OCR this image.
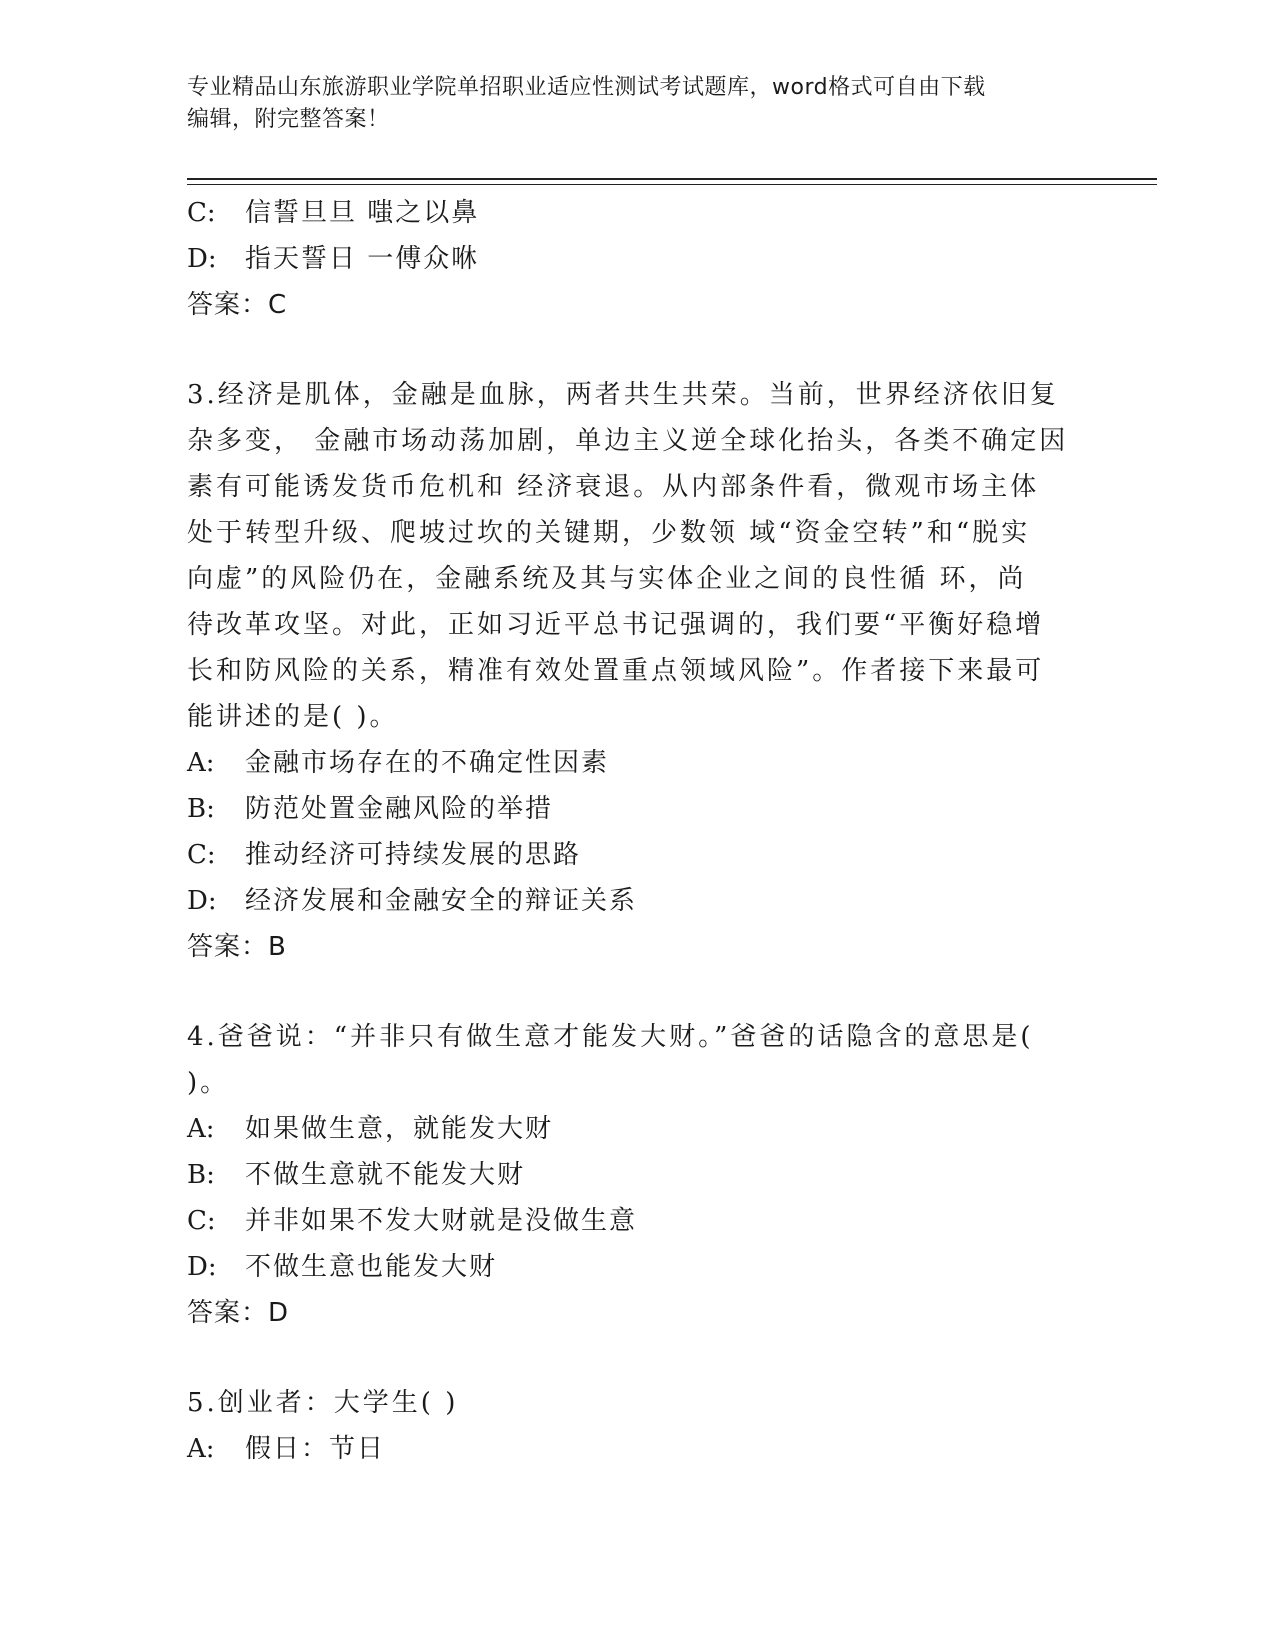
专业精品山东旅游职业学院单招职业适应性测试考试题库，word格式可自由下载
编辑，附完整答案！
C: 信誓旦旦 嗤之以鼻
D: 指天誓日 一傅众咻
答案：C
3.经济是肌体，金融是血脉，两者共生共荣。当前，世界经济依旧复
杂多变， 金融市场动荡加剧，单边主义逆全球化抬头，各类不确定因
素有可能诱发货币危机和 经济衰退。从内部条件看，微观市场主体
处于转型升级、爬坡过坎的关键期，少数领 域“资金空转”和“脱实
向虚”的风险仍在，金融系统及其与实体企业之间的良性循 环，尚
待改革攻坚。对此，正如习近平总书记强调的，我们要“平衡好稳增
长和防风险的关系，精准有效处置重点领域风险”。作者接下来最可
能讲述的是( )。
A: 金融市场存在的不确定性因素
B: 防范处置金融风险的举措
C: 推动经济可持续发展的思路
D: 经济发展和金融安全的辩证关系
答案：B
4.爸爸说：“并非只有做生意才能发大财。”爸爸的话隐含的意思是(
)。
A: 如果做生意，就能发大财
B: 不做生意就不能发大财
C: 并非如果不发大财就是没做生意
D: 不做生意也能发大财
答案：D
5.创业者：大学生( )
A: 假日：节日
